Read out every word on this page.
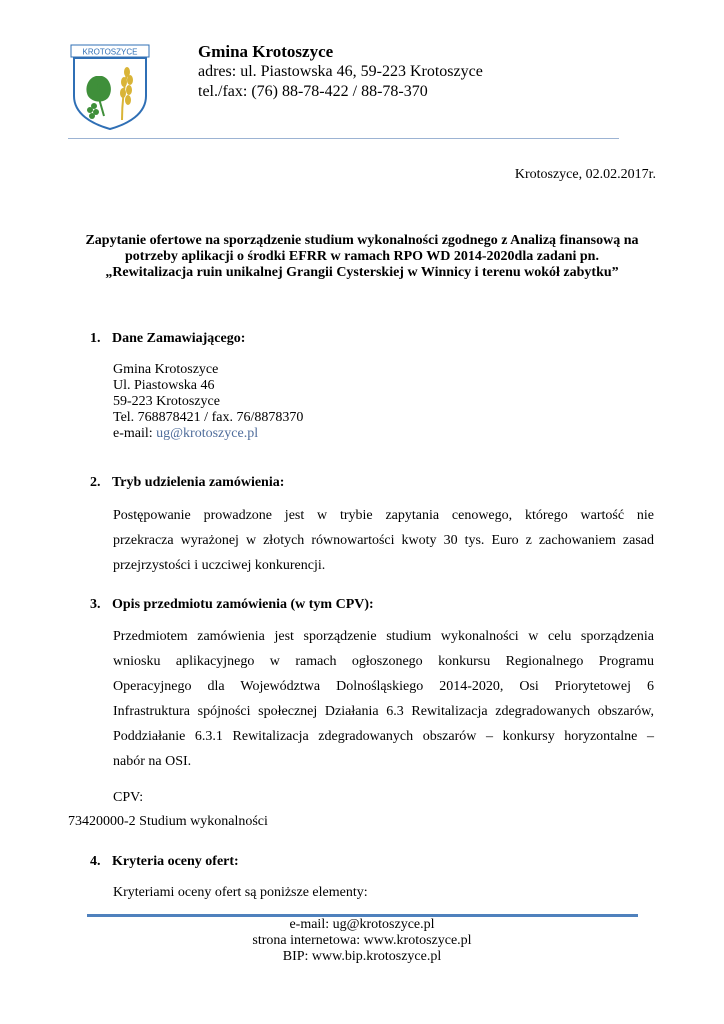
KROTOSZYCE	Gmina Krotoszyce
adres: ul. Piastowska 46, 59-223 Krotoszyce
tel./fax: (76) 88-78-422 / 88-78-370
Krotoszyce, 02.02.2017r.
Zapytanie ofertowe na sporządzenie studium wykonalności zgodnego z Analizą finansową na
potrzeby aplikacji o środki EFRR w ramach RPO WD 2014-2020dla zadani pn.
„Rewitalizacja ruin unikalnej Grangii Cysterskiej w Winnicy i terenu wokół zabytku”
1. Dane Zamawiającego:
Gmina Krotoszyce
Ul. Piastowska 46
59-223 Krotoszyce
Tel. 768878421 / fax. 76/8878370
e-mail: ug@krotoszyce.pl
2. Tryb udzielenia zamówienia:
Postępowanie prowadzone jest w trybie zapytania cenowego, którego wartość nie
przekracza wyrażonej w złotych równowartości kwoty 30 tys. Euro z zachowaniem zasad
przejrzystości i uczciwej konkurencji.
3. Opis przedmiotu zamówienia (w tym CPV):
Przedmiotem zamówienia jest sporządzenie studium wykonalności w celu sporządzenia
wniosku aplikacyjnego w ramach ogłoszonego konkursu Regionalnego Programu
Operacyjnego dla Województwa Dolnośląskiego 2014-2020, Osi Priorytetowej 6
Infrastruktura spójności społecznej Działania 6.3 Rewitalizacja zdegradowanych obszarów,
Poddziałanie 6.3.1 Rewitalizacja zdegradowanych obszarów – konkursy horyzontalne –
nabór na OSI.
CPV:
73420000-2 Studium wykonalności
4. Kryteria oceny ofert:
Kryteriami oceny ofert są poniższe elementy:
e-mail: ug@krotoszyce.pl
strona internetowa: www.krotoszyce.pl
BIP: www.bip.krotoszyce.pl
